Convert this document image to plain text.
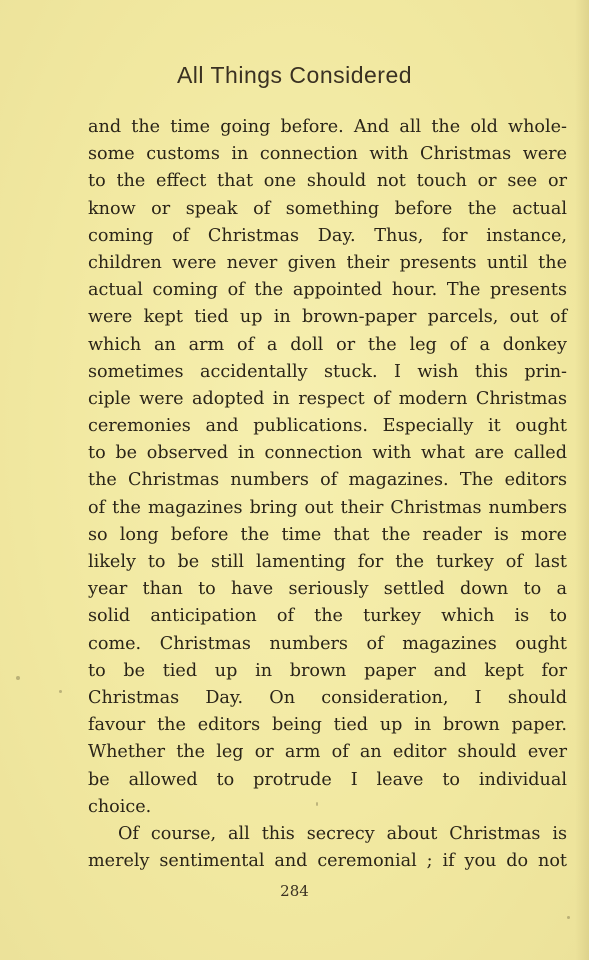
All Things Considered
and the time going before. And all the old whole-
some customs in connection with Christmas were
to the effect that one should not touch or see or
know or speak of something before the actual
coming of Christmas Day. Thus, for instance,
children were never given their presents until the
actual coming of the appointed hour. The presents
were kept tied up in brown-paper parcels, out of
which an arm of a doll or the leg of a donkey
sometimes accidentally stuck. I wish this prin-
ciple were adopted in respect of modern Christmas
ceremonies and publications. Especially it ought
to be observed in connection with what are called
the Christmas numbers of magazines. The editors
of the magazines bring out their Christmas numbers
so long before the time that the reader is more
likely to be still lamenting for the turkey of last
year than to have seriously settled down to a
solid anticipation of the turkey which is to
come. Christmas numbers of magazines ought
to be tied up in brown paper and kept for
Christmas Day. On consideration, I should
favour the editors being tied up in brown paper.
Whether the leg or arm of an editor should ever
be allowed to protrude I leave to individual
choice.
Of course, all this secrecy about Christmas is
merely sentimental and ceremonial ; if you do not
284
